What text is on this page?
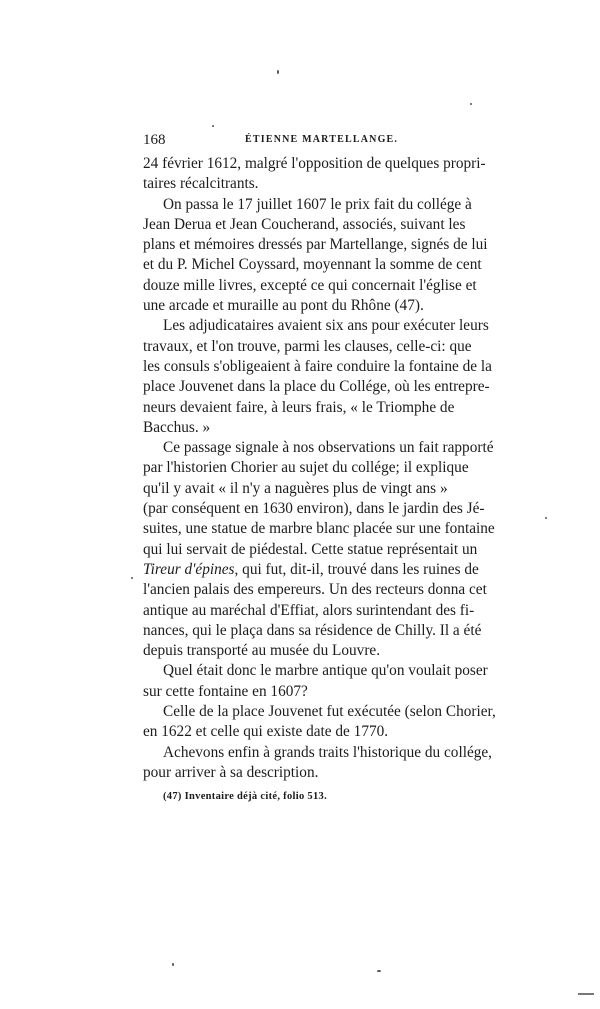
168	ÉTIENNE MARTELLANGE.

24 février 1612, malgré l'opposition de quelques propri-
taires récalcitrants.

On passa le 17 juillet 1607 le prix fait du collége à
Jean Derua et Jean Coucherand, associés, suivant les
plans et mémoires dressés par Martellange, signés de lui
et du P. Michel Coyssard, moyennant la somme de cent
douze mille livres, excepté ce qui concernait l'église et
une arcade et muraille au pont du Rhône (47).

Les adjudicataires avaient six ans pour exécuter leurs
travaux, et l'on trouve, parmi les clauses, celle-ci: que
les consuls s'obligeaient à faire conduire la fontaine de la
place Jouvenet dans la place du Collége, où les entrepre-
neurs devaient faire, à leurs frais, « le Triomphe de
Bacchus. »

Ce passage signale à nos observations un fait rapporté
par l'historien Chorier au sujet du collége; il explique
qu'il y avait « il n'y a naguères plus de vingt ans »
(par conséquent en 1630 environ), dans le jardin des Jé-
suites, une statue de marbre blanc placée sur une fontaine
qui lui servait de piédestal. Cette statue représentait un
Tireur d'épines, qui fut, dit-il, trouvé dans les ruines de
l'ancien palais des empereurs. Un des recteurs donna cet
antique au maréchal d'Effiat, alors surintendant des fi-
nances, qui le plaça dans sa résidence de Chilly. Il a été
depuis transporté au musée du Louvre.

Quel était donc le marbre antique qu'on voulait poser
sur cette fontaine en 1607?

Celle de la place Jouvenet fut exécutée (selon Chorier,
en 1622 et celle qui existe date de 1770.

Achevons enfin à grands traits l'historique du collége,
pour arriver à sa description.

(47) Inventaire déjà cité, folio 513.
